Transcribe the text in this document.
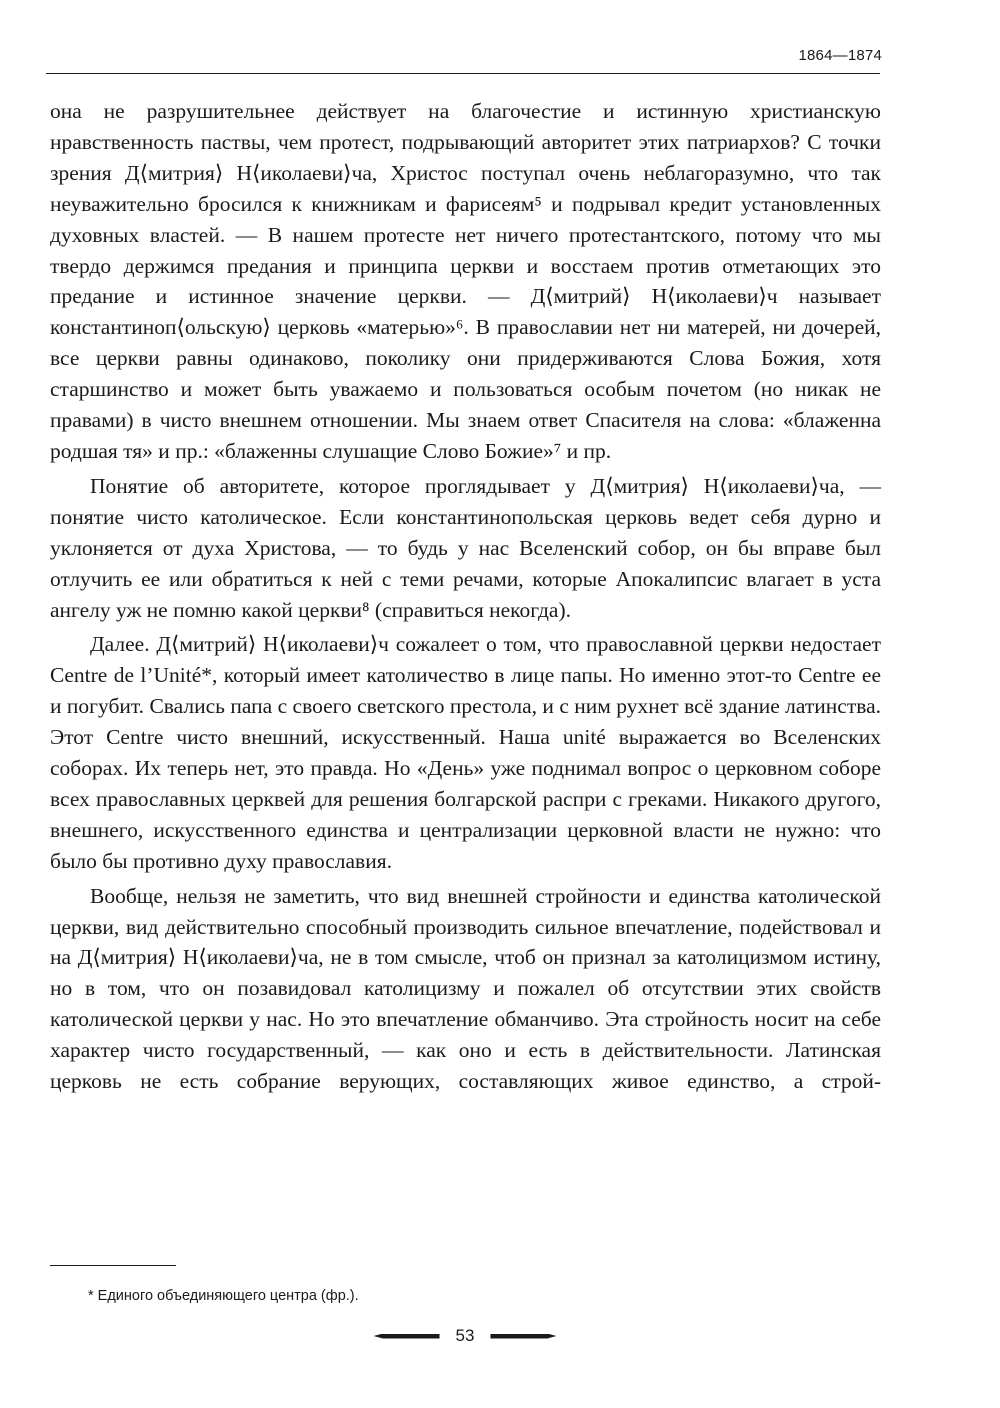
1864—1874

она не разрушительнее действует на благочестие и истинную христианскую нравственность паствы, чем протест, подрывающий авторитет этих патриархов? С точки зрения Д⟨митрия⟩ Н⟨иколаеви⟩ча, Христос поступал очень неблагоразумно, что так неуважительно бросился к книжникам и фарисеям⁵ и подрывал кредит установленных духовных властей. — В нашем протесте нет ничего протестантского, потому что мы твердо держимся предания и принципа церкви и восстаем против отметающих это предание и истинное значение церкви. — Д⟨митрий⟩ Н⟨иколаеви⟩ч называет константиноп⟨ольскую⟩ церковь «матерью»⁶. В православии нет ни матерей, ни дочерей, все церкви равны одинаково, поколику они придерживаются Слова Божия, хотя старшинство и может быть уважаемо и пользоваться особым почетом (но никак не правами) в чисто внешнем отношении. Мы знаем ответ Спасителя на слова: «блаженна родшая тя» и пр.: «блаженны слушащие Слово Божие»⁷ и пр.

Понятие об авторитете, которое проглядывает у Д⟨митрия⟩ Н⟨иколаеви⟩ча, — понятие чисто католическое. Если константинопольская церковь ведет себя дурно и уклоняется от духа Христова, — то будь у нас Вселенский собор, он бы вправе был отлучить ее или обратиться к ней с теми речами, которые Апокалипсис влагает в уста ангелу уж не помню какой церкви⁸ (справиться некогда).

Далее. Д⟨митрий⟩ Н⟨иколаеви⟩ч сожалеет о том, что православной церкви недостает Centre de l’Unité*, который имеет католичество в лице папы. Но именно этот-то Centre ее и погубит. Свались папа с своего светского престола, и с ним рухнет всё здание латинства. Этот Centre чисто внешний, искусственный. Наша unité выражается во Вселенских соборах. Их теперь нет, это правда. Но «День» уже поднимал вопрос о церковном соборе всех православных церквей для решения болгарской распри с греками. Никакого другого, внешнего, искусственного единства и централизации церковной власти не нужно: что было бы противно духу православия.

Вообще, нельзя не заметить, что вид внешней стройности и единства католической церкви, вид действительно способный производить сильное впечатление, подействовал и на Д⟨митрия⟩ Н⟨иколаеви⟩ча, не в том смысле, чтоб он признал за католицизмом истину, но в том, что он позавидовал католицизму и пожалел об отсутствии этих свойств католической церкви у нас. Но это впечатление обманчиво. Эта стройность носит на себе характер чисто государственный, — как оно и есть в действительности. Латинская церковь не есть собрание верующих, составляющих живое единство, а строй-

* Единого объединяющего центра (фр.).
53
